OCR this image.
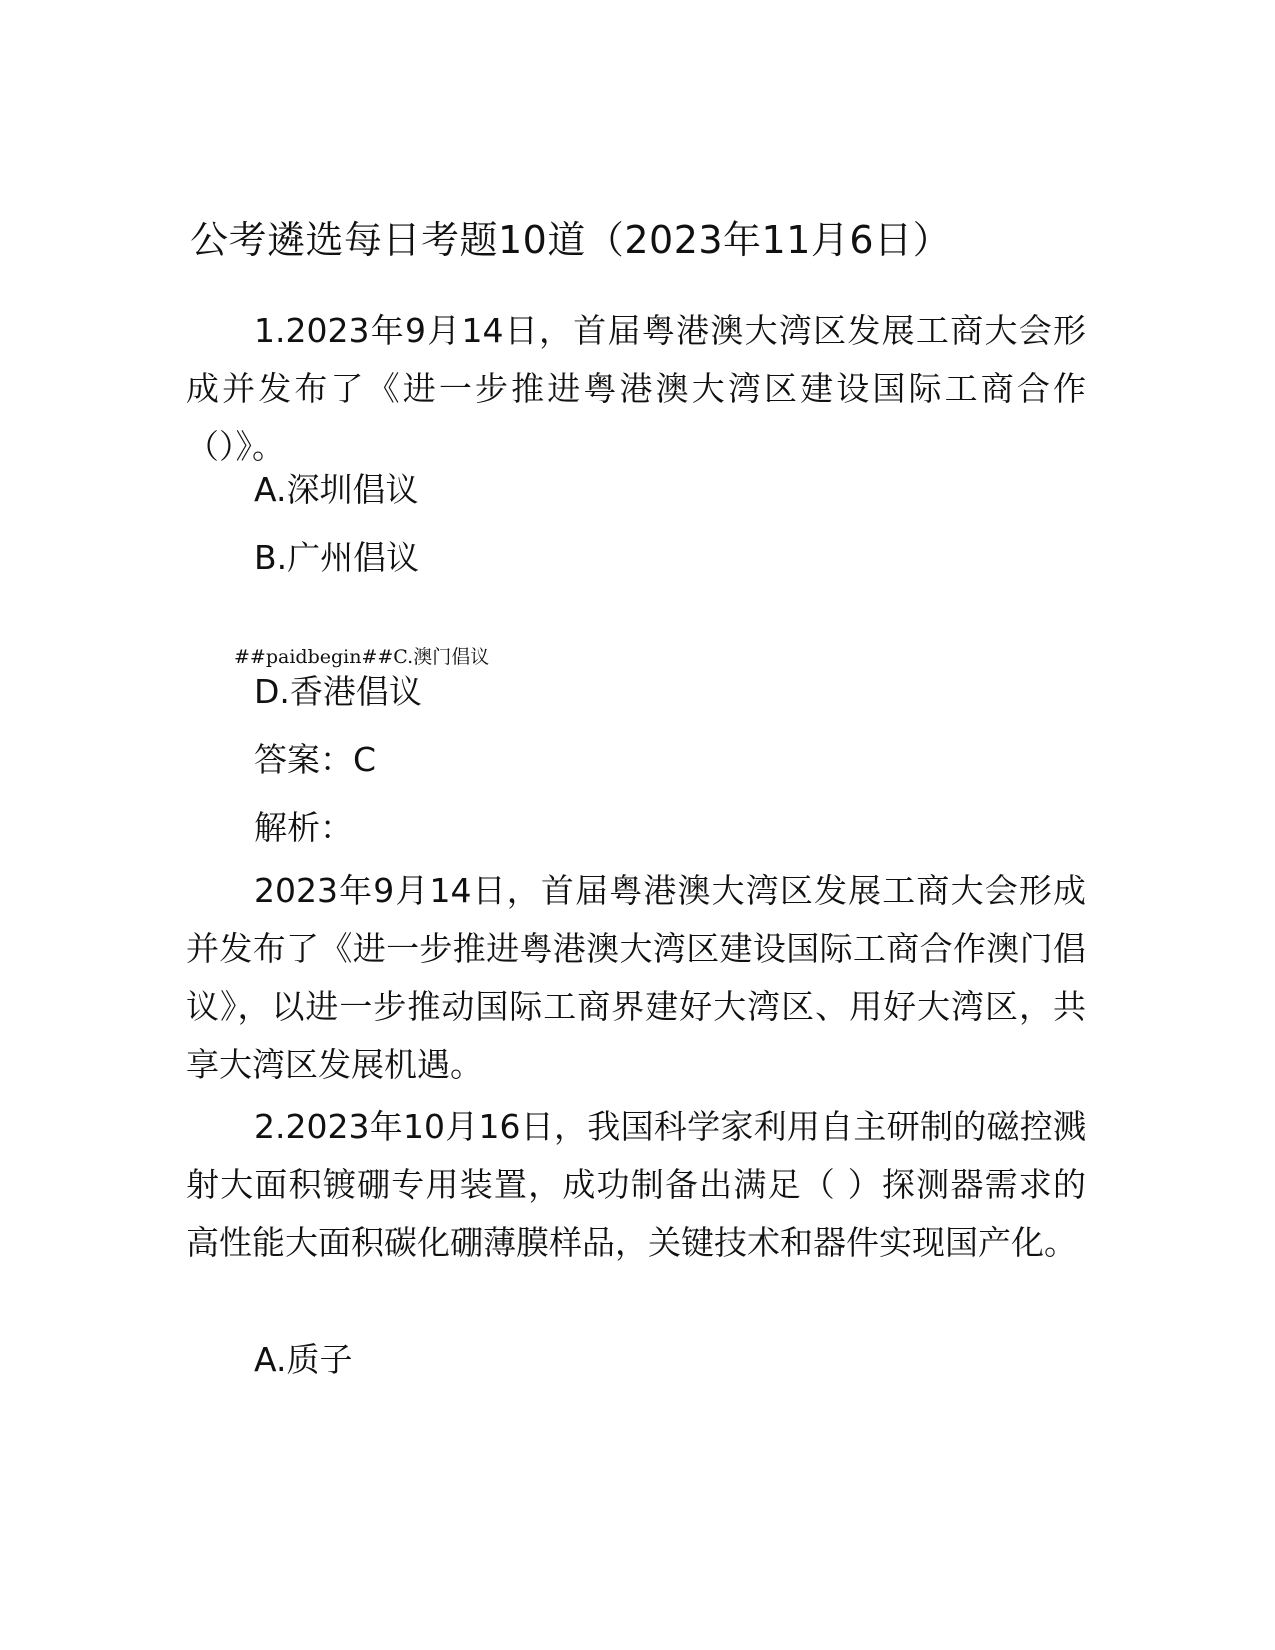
公考遴选每日考题10道（2023年11月6日）
1.2023年9月14日，首届粤港澳大湾区发展工商大会形成并发布了《进一步推进粤港澳大湾区建设国际工商合作（）》。
A.深圳倡议
B.广州倡议
##paidbegin##C.澳门倡议
D.香港倡议
答案：C
解析：
2023年9月14日，首届粤港澳大湾区发展工商大会形成并发布了《进一步推进粤港澳大湾区建设国际工商合作澳门倡议》，以进一步推动国际工商界建好大湾区、用好大湾区，共享大湾区发展机遇。
2.2023年10月16日，我国科学家利用自主研制的磁控溅射大面积镀硼专用装置，成功制备出满足（ ）探测器需求的高性能大面积碳化硼薄膜样品，关键技术和器件实现国产化。
A.质子
